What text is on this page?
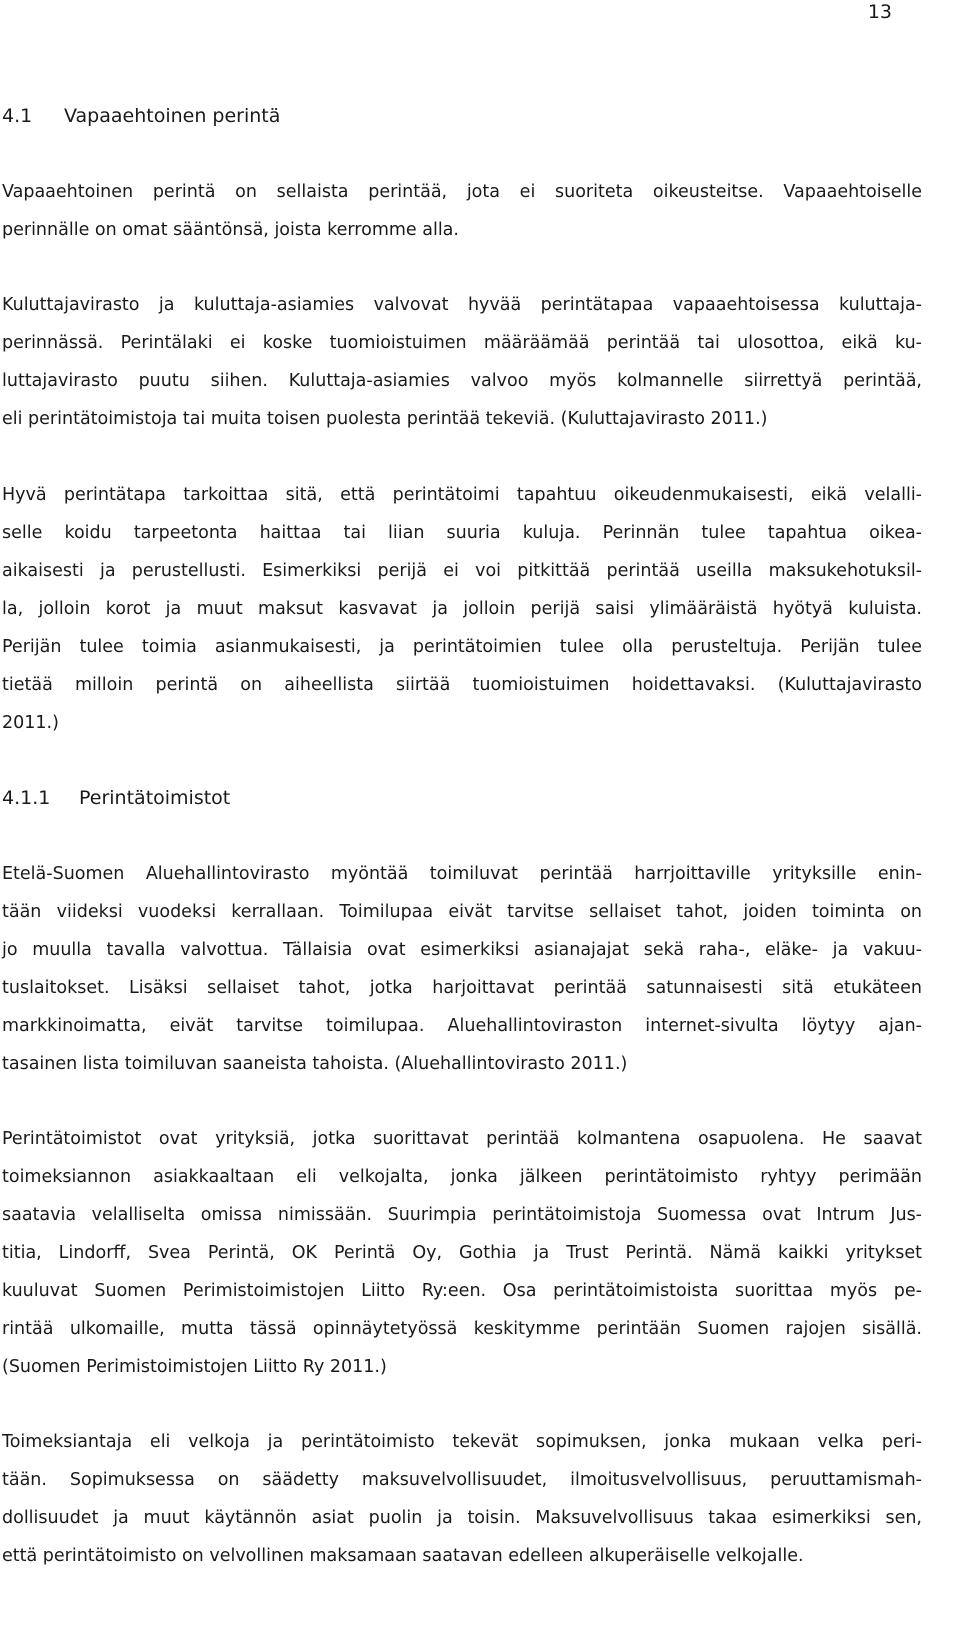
13
4.1 Vapaaehtoinen perintä

Vapaaehtoinen perintä on sellaista perintää, jota ei suoriteta oikeusteitse. Vapaaehtoiselle
perinnälle on omat sääntönsä, joista kerromme alla.

Kuluttajavirasto ja kuluttaja-asiamies valvovat hyvää perintätapaa vapaaehtoisessa kuluttaja-
perinnässä. Perintälaki ei koske tuomioistuimen määräämää perintää tai ulosottoa, eikä ku-
luttajavirasto puutu siihen. Kuluttaja-asiamies valvoo myös kolmannelle siirrettyä perintää,
eli perintätoimistoja tai muita toisen puolesta perintää tekeviä. (Kuluttajavirasto 2011.)

Hyvä perintätapa tarkoittaa sitä, että perintätoimi tapahtuu oikeudenmukaisesti, eikä velalli-
selle koidu tarpeetonta haittaa tai liian suuria kuluja. Perinnän tulee tapahtua oikea-
aikaisesti ja perustellusti. Esimerkiksi perijä ei voi pitkittää perintää useilla maksukehotuksil-
la, jolloin korot ja muut maksut kasvavat ja jolloin perijä saisi ylimääräistä hyötyä kuluista.
Perijän tulee toimia asianmukaisesti, ja perintätoimien tulee olla perusteltuja. Perijän tulee
tietää milloin perintä on aiheellista siirtää tuomioistuimen hoidettavaksi. (Kuluttajavirasto
2011.)

4.1.1 Perintätoimistot

Etelä-Suomen Aluehallintovirasto myöntää toimiluvat perintää harrjoittaville yrityksille enin-
tään viideksi vuodeksi kerrallaan. Toimilupaa eivät tarvitse sellaiset tahot, joiden toiminta on
jo muulla tavalla valvottua. Tällaisia ovat esimerkiksi asianajajat sekä raha-, eläke- ja vakuu-
tuslaitokset. Lisäksi sellaiset tahot, jotka harjoittavat perintää satunnaisesti sitä etukäteen
markkinoimatta, eivät tarvitse toimilupaa. Aluehallintoviraston internet-sivulta löytyy ajan-
tasainen lista toimiluvan saaneista tahoista. (Aluehallintovirasto 2011.)

Perintätoimistot ovat yrityksiä, jotka suorittavat perintää kolmantena osapuolena. He saavat
toimeksiannon asiakkaaltaan eli velkojalta, jonka jälkeen perintätoimisto ryhtyy perimään
saatavia velalliselta omissa nimissään. Suurimpia perintätoimistoja Suomessa ovat Intrum Jus-
titia, Lindorff, Svea Perintä, OK Perintä Oy, Gothia ja Trust Perintä. Nämä kaikki yritykset
kuuluvat Suomen Perimistoimistojen Liitto Ry:een. Osa perintätoimistoista suorittaa myös pe-
rintää ulkomaille, mutta tässä opinnäytetyössä keskitymme perintään Suomen rajojen sisällä.
(Suomen Perimistoimistojen Liitto Ry 2011.)

Toimeksiantaja eli velkoja ja perintätoimisto tekevät sopimuksen, jonka mukaan velka peri-
tään. Sopimuksessa on säädetty maksuvelvollisuudet, ilmoitusvelvollisuus, peruuttamismah-
dollisuudet ja muut käytännön asiat puolin ja toisin. Maksuvelvollisuus takaa esimerkiksi sen,
että perintätoimisto on velvollinen maksamaan saatavan edelleen alkuperäiselle velkojalle.
